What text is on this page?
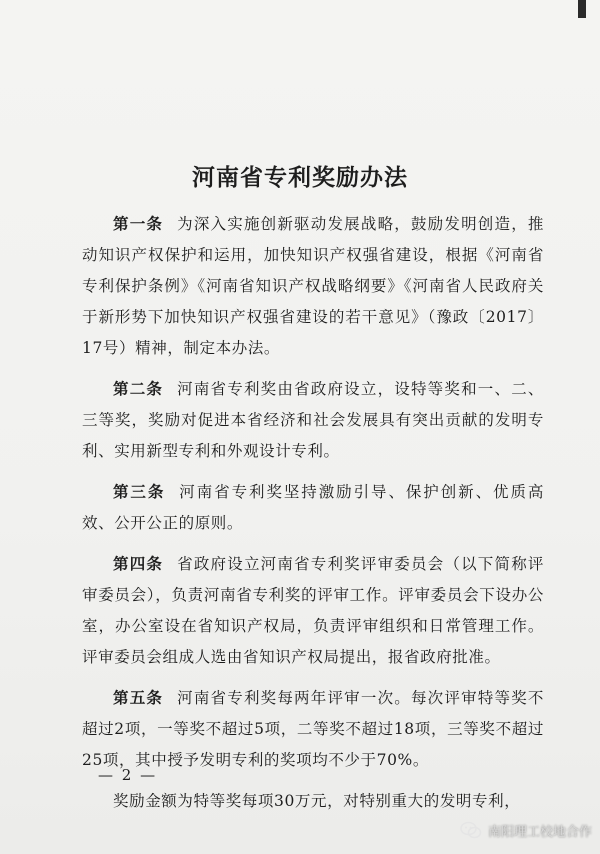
河南省专利奖励办法

第一条 为深入实施创新驱动发展战略，鼓励发明创造，推动知识产权保护和运用，加快知识产权强省建设，根据《河南省专利保护条例》《河南省知识产权战略纲要》《河南省人民政府关于新形势下加快知识产权强省建设的若干意见》（豫政〔2017〕17号）精神，制定本办法。

第二条 河南省专利奖由省政府设立，设特等奖和一、二、三等奖，奖励对促进本省经济和社会发展具有突出贡献的发明专利、实用新型专利和外观设计专利。

第三条 河南省专利奖坚持激励引导、保护创新、优质高效、公开公正的原则。

第四条 省政府设立河南省专利奖评审委员会（以下简称评审委员会），负责河南省专利奖的评审工作。评审委员会下设办公室，办公室设在省知识产权局，负责评审组织和日常管理工作。评审委员会组成人选由省知识产权局提出，报省政府批准。

第五条 河南省专利奖每两年评审一次。每次评审特等奖不超过2项，一等奖不超过5项，二等奖不超过18项，三等奖不超过25项，其中授予发明专利的奖项均不少于70%。

奖励金额为特等奖每项30万元，对特别重大的发明专利，

— 2 —
南阳理工校地合作
